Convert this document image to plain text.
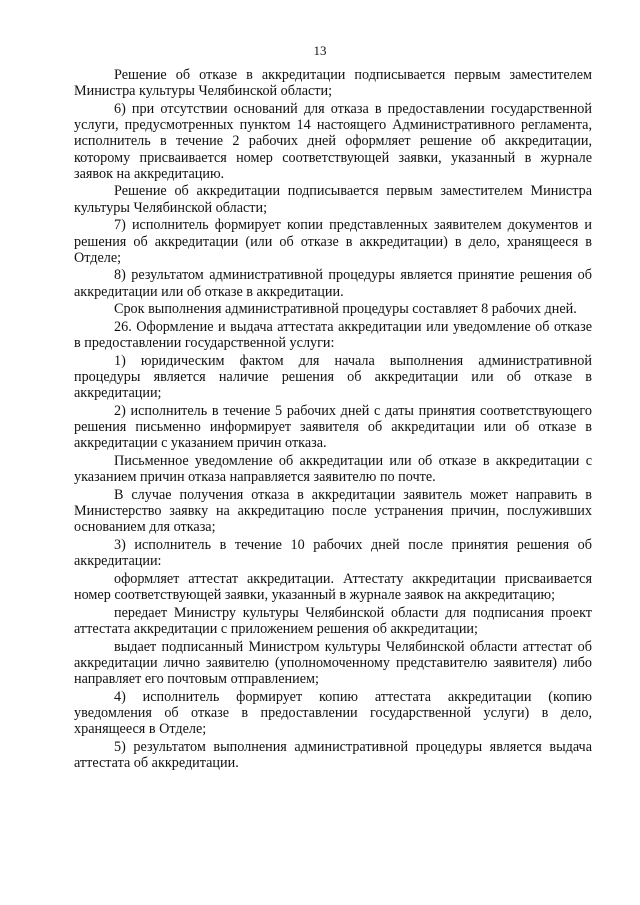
13

Решение об отказе в аккредитации подписывается первым заместителем Министра культуры Челябинской области;

6) при отсутствии оснований для отказа в предоставлении государственной услуги, предусмотренных пунктом 14 настоящего Административного регламента, исполнитель в течение 2 рабочих дней оформляет решение об аккредитации, которому присваивается номер соответствующей заявки, указанный в журнале заявок на аккредитацию.

Решение об аккредитации подписывается первым заместителем Министра культуры Челябинской области;

7) исполнитель формирует копии представленных заявителем документов и решения об аккредитации (или об отказе в аккредитации) в дело, хранящееся в Отделе;

8) результатом административной процедуры является принятие решения об аккредитации или об отказе в аккредитации.

Срок выполнения административной процедуры составляет 8 рабочих дней.

26. Оформление и выдача аттестата аккредитации или уведомление об отказе в предоставлении государственной услуги:

1) юридическим фактом для начала выполнения административной процедуры является наличие решения об аккредитации или об отказе в аккредитации;

2) исполнитель в течение 5 рабочих дней с даты принятия соответствующего решения письменно информирует заявителя об аккредитации или об отказе в аккредитации с указанием причин отказа.

Письменное уведомление об аккредитации или об отказе в аккредитации с указанием причин отказа направляется заявителю по почте.

В случае получения отказа в аккредитации заявитель может направить в Министерство заявку на аккредитацию после устранения причин, послуживших основанием для отказа;

3) исполнитель в течение 10 рабочих дней после принятия решения об аккредитации:

оформляет аттестат аккредитации. Аттестату аккредитации присваивается номер соответствующей заявки, указанный в журнале заявок на аккредитацию;

передает Министру культуры Челябинской области для подписания проект аттестата аккредитации с приложением решения об аккредитации;

выдает подписанный Министром культуры Челябинской области аттестат об аккредитации лично заявителю (уполномоченному представителю заявителя) либо направляет его почтовым отправлением;

4) исполнитель формирует копию аттестата аккредитации (копию уведомления об отказе в предоставлении государственной услуги) в дело, хранящееся в Отделе;

5) результатом выполнения административной процедуры является выдача аттестата об аккредитации.
